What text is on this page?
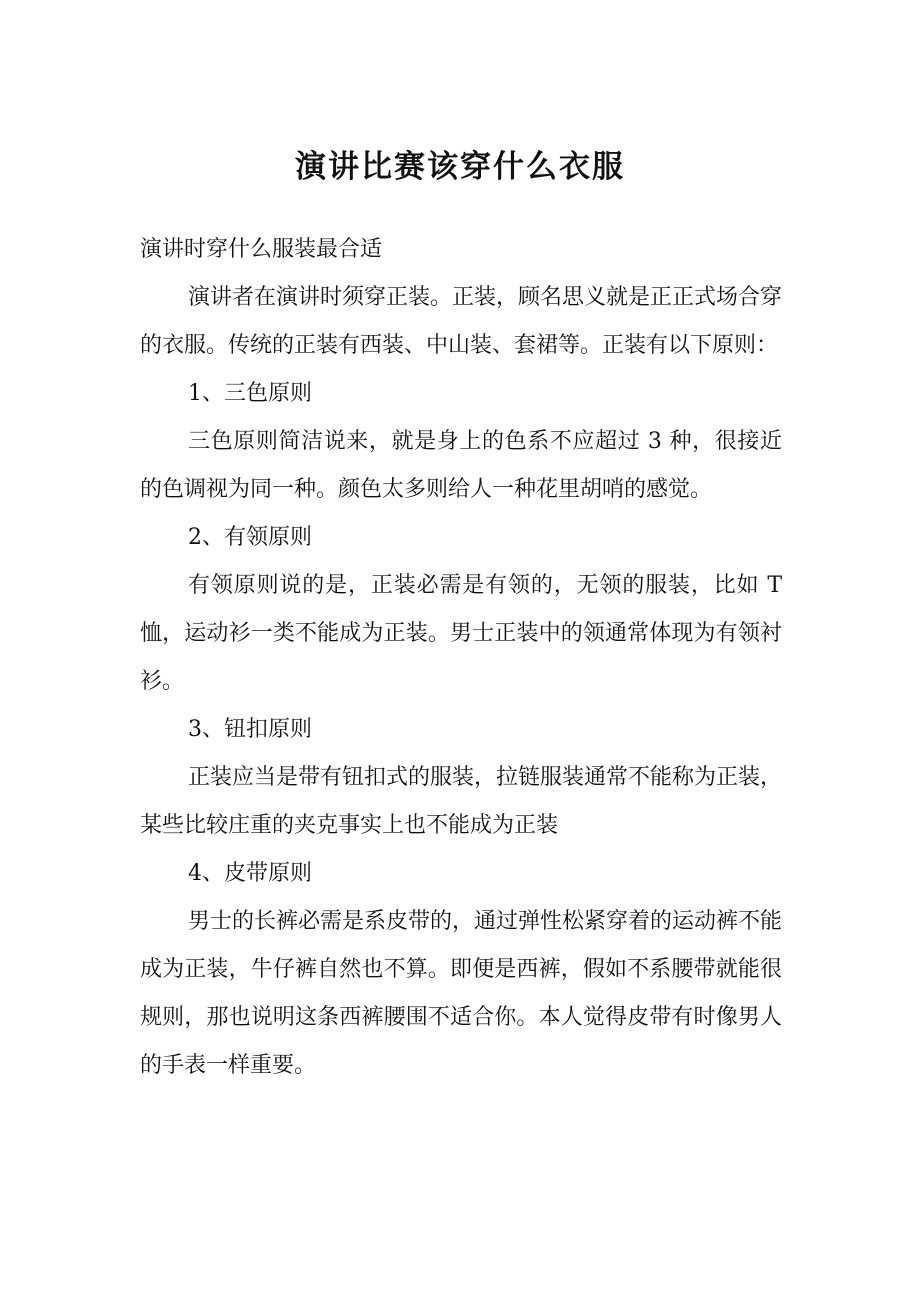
演讲比赛该穿什么衣服

演讲时穿什么服装最合适

演讲者在演讲时须穿正装。正装，顾名思义就是正正式场合穿的衣服。传统的正装有西装、中山装、套裙等。正装有以下原则：

1、三色原则

三色原则简洁说来，就是身上的色系不应超过 3 种，很接近的色调视为同一种。颜色太多则给人一种花里胡哨的感觉。

2、有领原则

有领原则说的是，正装必需是有领的，无领的服装，比如 T 恤，运动衫一类不能成为正装。男士正装中的领通常体现为有领衬衫。

3、钮扣原则

正装应当是带有钮扣式的服装，拉链服装通常不能称为正装，某些比较庄重的夹克事实上也不能成为正装

4、皮带原则

男士的长裤必需是系皮带的，通过弹性松紧穿着的运动裤不能成为正装，牛仔裤自然也不算。即便是西裤，假如不系腰带就能很规则，那也说明这条西裤腰围不适合你。本人觉得皮带有时像男人的手表一样重要。
